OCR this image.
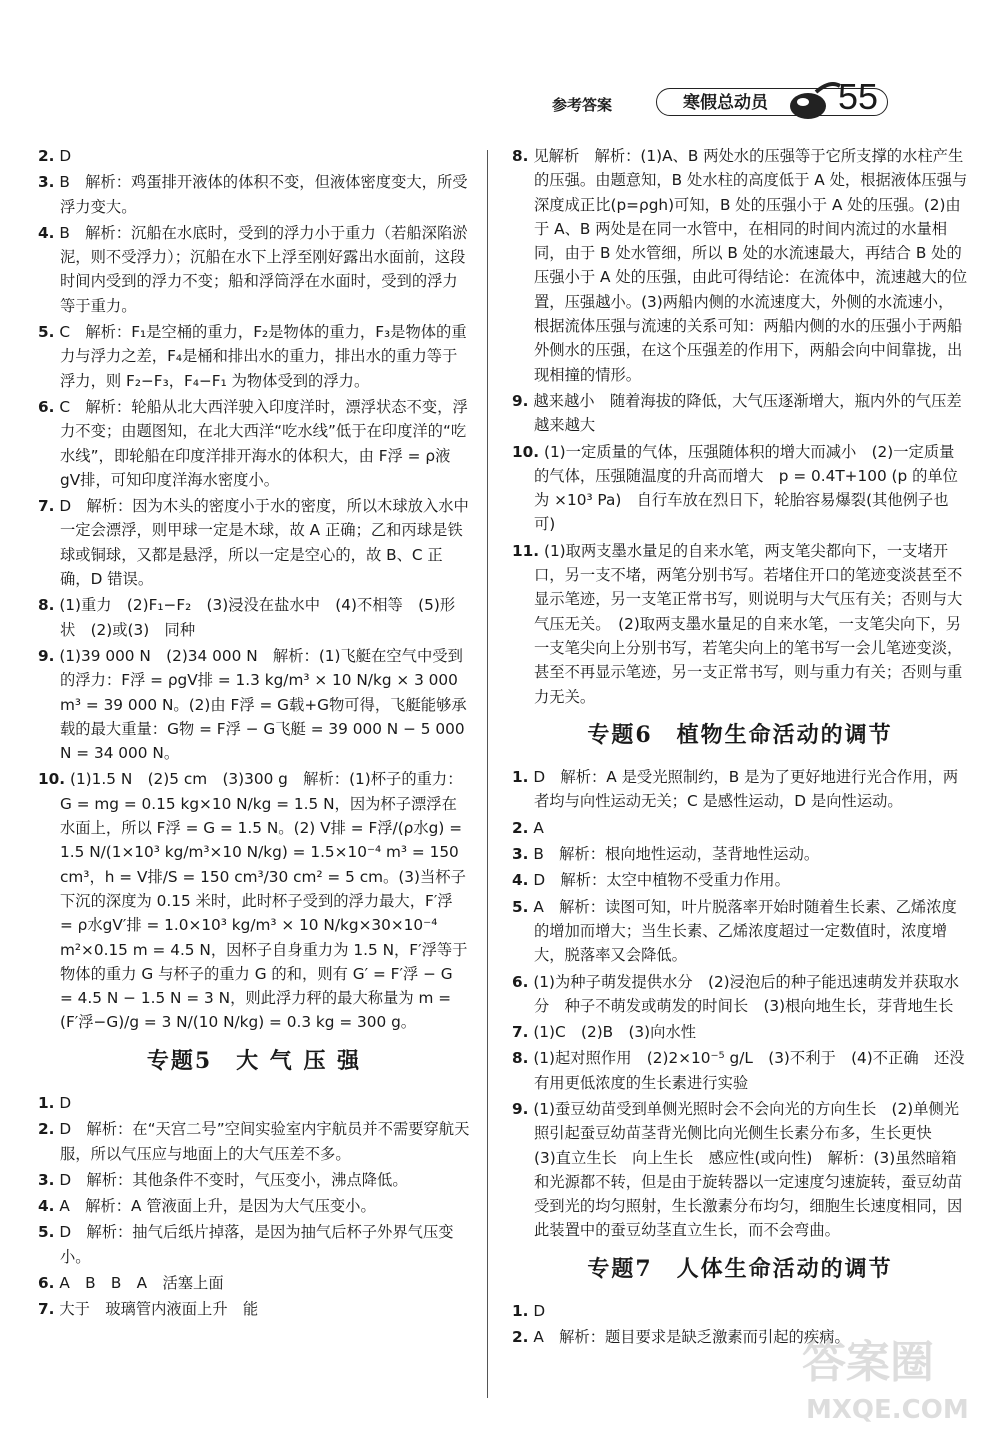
参考答案	寒假总动员	55
2. D
3. B　解析：鸡蛋排开液体的体积不变，但液体密度变大，所受浮力变大。
4. B　解析：沉船在水底时，受到的浮力小于重力（若船深陷淤泥，则不受浮力）；沉船在水下上浮至刚好露出水面前，这段时间内受到的浮力不变；船和浮筒浮在水面时，受到的浮力等于重力。
5. C　解析：F₁是空桶的重力，F₂是物体的重力，F₃是物体的重力与浮力之差，F₄是桶和排出水的重力，排出水的重力等于浮力，则 F₂−F₃，F₄−F₁ 为物体受到的浮力。
6. C　解析：轮船从北大西洋驶入印度洋时，漂浮状态不变，浮力不变；由题图知，在北大西洋“吃水线”低于在印度洋的“吃水线”，即轮船在印度洋排开海水的体积大，由 F浮 = ρ液gV排，可知印度洋海水密度小。
7. D　解析：因为木头的密度小于水的密度，所以木球放入水中一定会漂浮，则甲球一定是木球，故 A 正确；乙和丙球是铁球或铜球，又都是悬浮，所以一定是空心的，故 B、C 正确，D 错误。
8. (1)重力　(2)F₁−F₂　(3)浸没在盐水中　(4)不相等　(5)形状　(2)或(3)　同种
9. (1)39 000 N　(2)34 000 N　解析：(1)飞艇在空气中受到的浮力：F浮 = ρgV排 = 1.3 kg/m³ × 10 N/kg × 3 000 m³ = 39 000 N。(2)由 F浮 = G载+G物可得，飞艇能够承载的最大重量：G物 = F浮 − G飞艇 = 39 000 N − 5 000 N = 34 000 N。
10. (1)1.5 N　(2)5 cm　(3)300 g　解析：(1)杯子的重力：G = mg = 0.15 kg×10 N/kg = 1.5 N，因为杯子漂浮在水面上，所以 F浮 = G = 1.5 N。(2) V排 = F浮/(ρ水g) = 1.5 N/(1×10³ kg/m³×10 N/kg) = 1.5×10⁻⁴ m³ = 150 cm³，h = V排/S = 150 cm³/30 cm² = 5 cm。(3)当杯子下沉的深度为 0.15 米时，此时杯子受到的浮力最大，F′浮 = ρ水gV′排 = 1.0×10³ kg/m³ × 10 N/kg×30×10⁻⁴ m²×0.15 m = 4.5 N，因杯子自身重力为 1.5 N，F′浮等于物体的重力 G 与杯子的重力 G 的和，则有 G′ = F′浮 − G = 4.5 N − 1.5 N = 3 N，则此浮力秤的最大称量为 m = (F′浮−G)/g = 3 N/(10 N/kg) = 0.3 kg = 300 g。
专题5　大 气 压 强
1. D
2. D　解析：在“天宫二号”空间实验室内宇航员并不需要穿航天服，所以气压应与地面上的大气压差不多。
3. D　解析：其他条件不变时，气压变小，沸点降低。
4. A　解析：A 管液面上升，是因为大气压变小。
5. D　解析：抽气后纸片掉落，是因为抽气后杯子外界气压变小。
6. A　B　B　A　活塞上面
7. 大于　玻璃管内液面上升　能
8. 见解析　解析：(1)A、B 两处水的压强等于它所支撑的水柱产生的压强。由题意知，B 处水柱的高度低于 A 处，根据液体压强与深度成正比(p=ρgh)可知，B 处的压强小于 A 处的压强。(2)由于 A、B 两处是在同一水管中，在相同的时间内流过的水量相同，由于 B 处水管细，所以 B 处的水流速最大，再结合 B 处的压强小于 A 处的压强，由此可得结论：在流体中，流速越大的位置，压强越小。(3)两船内侧的水流速度大，外侧的水流速小，根据流体压强与流速的关系可知：两船内侧的水的压强小于两船外侧水的压强，在这个压强差的作用下，两船会向中间靠拢，出现相撞的情形。
9. 越来越小　随着海拔的降低，大气压逐渐增大，瓶内外的气压差越来越大
10. (1)一定质量的气体，压强随体积的增大而减小　(2)一定质量的气体，压强随温度的升高而增大　p = 0.4T+100 (p 的单位为 ×10³ Pa)　自行车放在烈日下，轮胎容易爆裂(其他例子也可)
11. (1)取两支墨水量足的自来水笔，两支笔尖都向下，一支堵开口，另一支不堵，两笔分别书写。若堵住开口的笔迹变淡甚至不显示笔迹，另一支笔正常书写，则说明与大气压有关；否则与大气压无关。　(2)取两支墨水量足的自来水笔，一支笔尖向下，另一支笔尖向上分别书写，若笔尖向上的笔书写一会儿笔迹变淡，甚至不再显示笔迹，另一支正常书写，则与重力有关；否则与重力无关。
专题6　植物生命活动的调节
1. D　解析：A 是受光照制约，B 是为了更好地进行光合作用，两者均与向性运动无关；C 是感性运动，D 是向性运动。
2. A
3. B　解析：根向地性运动，茎背地性运动。
4. D　解析：太空中植物不受重力作用。
5. A　解析：读图可知，叶片脱落率开始时随着生长素、乙烯浓度的增加而增大；当生长素、乙烯浓度超过一定数值时，浓度增大，脱落率又会降低。
6. (1)为种子萌发提供水分　(2)浸泡后的种子能迅速萌发并获取水分　种子不萌发或萌发的时间长　(3)根向地生长，芽背地生长
7. (1)C　(2)B　(3)向水性
8. (1)起对照作用　(2)2×10⁻⁵ g/L　(3)不利于　(4)不正确　还没有用更低浓度的生长素进行实验
9. (1)蚕豆幼苗受到单侧光照时会不会向光的方向生长　(2)单侧光照引起蚕豆幼苗茎背光侧比向光侧生长素分布多，生长更快　(3)直立生长　向上生长　感应性(或向性)　解析：(3)虽然暗箱和光源都不转，但是由于旋转器以一定速度匀速旋转，蚕豆幼苗受到光的均匀照射，生长激素分布均匀，细胞生长速度相同，因此装置中的蚕豆幼茎直立生长，而不会弯曲。
专题7　人体生命活动的调节
1. D
2. A　解析：题目要求是缺乏激素而引起的疾病。
答案圈
MXQE.COM
